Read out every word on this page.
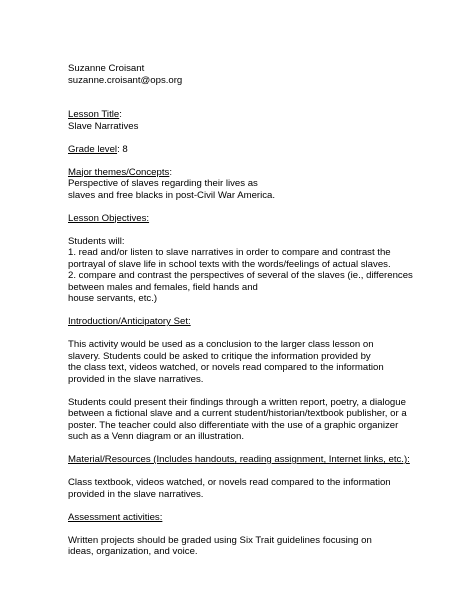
Suzanne Croisant
suzanne.croisant@ops.org
Lesson Title:
Slave Narratives
Grade level: 8
Major themes/Concepts:
Perspective of slaves regarding their lives as
slaves and free blacks in post-Civil War America.
Lesson Objectives:
Students will:
1. read and/or listen to slave narratives in order to compare and contrast the
portrayal of slave life in school texts with the words/feelings of actual slaves.
2. compare and contrast the perspectives of several of the slaves (ie., differences
between males and females, field hands and
house servants, etc.)
Introduction/Anticipatory Set:
This activity would be used as a conclusion to the larger class lesson on
slavery. Students could be asked to critique the information provided by
the class text, videos watched, or novels read compared to the information
provided in the slave narratives.
Students could present their findings through a written report, poetry, a dialogue
between a fictional slave and a current student/historian/textbook publisher, or a
poster. The teacher could also differentiate with the use of a graphic organizer
such as a Venn diagram or an illustration.
Material/Resources (Includes handouts, reading assignment, Internet links, etc.):
Class textbook, videos watched, or novels read compared to the information
provided in the slave narratives.
Assessment activities:
Written projects should be graded using Six Trait guidelines focusing on
ideas, organization, and voice.
